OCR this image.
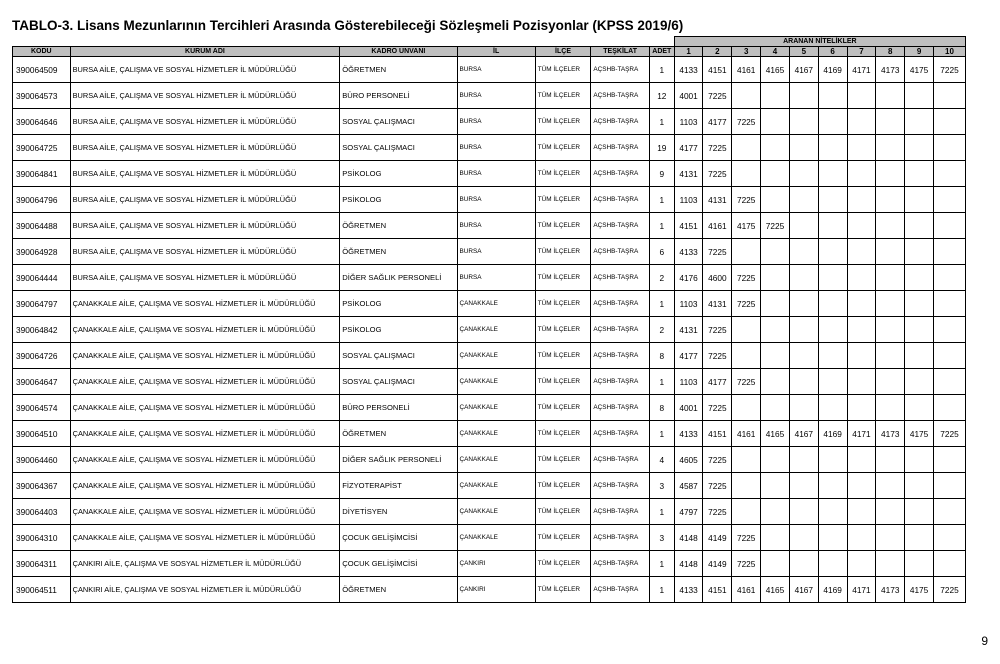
TABLO-3. Lisans Mezunlarının Tercihleri Arasında Gösterebileceği Sözleşmeli Pozisyonlar (KPSS 2019/6)
							ARANAN NİTELİKLER									
KODU	KURUM ADI	KADRO UNVANI	İL	İLÇE	TEŞKİLAT	ADET	1	2	3	4	5	6	7	8	9	10
390064509	BURSA AİLE, ÇALIŞMA VE SOSYAL HİZMETLER İL MÜDÜRLÜĞÜ	ÖĞRETMEN	BURSA	TÜM İLÇELER	AÇSHB-TAŞRA	1	4133	4151	4161	4165	4167	4169	4171	4173	4175	7225
390064573	BURSA AİLE, ÇALIŞMA VE SOSYAL HİZMETLER İL MÜDÜRLÜĞÜ	BÜRO PERSONELİ	BURSA	TÜM İLÇELER	AÇSHB-TAŞRA	12	4001	7225								
390064646	BURSA AİLE, ÇALIŞMA VE SOSYAL HİZMETLER İL MÜDÜRLÜĞÜ	SOSYAL ÇALIŞMACI	BURSA	TÜM İLÇELER	AÇSHB-TAŞRA	1	1103	4177	7225							
390064725	BURSA AİLE, ÇALIŞMA VE SOSYAL HİZMETLER İL MÜDÜRLÜĞÜ	SOSYAL ÇALIŞMACI	BURSA	TÜM İLÇELER	AÇSHB-TAŞRA	19	4177	7225								
390064841	BURSA AİLE, ÇALIŞMA VE SOSYAL HİZMETLER İL MÜDÜRLÜĞÜ	PSİKOLOG	BURSA	TÜM İLÇELER	AÇSHB-TAŞRA	9	4131	7225								
390064796	BURSA AİLE, ÇALIŞMA VE SOSYAL HİZMETLER İL MÜDÜRLÜĞÜ	PSİKOLOG	BURSA	TÜM İLÇELER	AÇSHB-TAŞRA	1	1103	4131	7225							
390064488	BURSA AİLE, ÇALIŞMA VE SOSYAL HİZMETLER İL MÜDÜRLÜĞÜ	ÖĞRETMEN	BURSA	TÜM İLÇELER	AÇSHB-TAŞRA	1	4151	4161	4175	7225						
390064928	BURSA AİLE, ÇALIŞMA VE SOSYAL HİZMETLER İL MÜDÜRLÜĞÜ	ÖĞRETMEN	BURSA	TÜM İLÇELER	AÇSHB-TAŞRA	6	4133	7225								
390064444	BURSA AİLE, ÇALIŞMA VE SOSYAL HİZMETLER İL MÜDÜRLÜĞÜ	DİĞER SAĞLIK PERSONELİ	BURSA	TÜM İLÇELER	AÇSHB-TAŞRA	2	4176	4600	7225							
390064797	ÇANAKKALE AİLE, ÇALIŞMA VE SOSYAL HİZMETLER İL MÜDÜRLÜĞÜ	PSİKOLOG	ÇANAKKALE	TÜM İLÇELER	AÇSHB-TAŞRA	1	1103	4131	7225							
390064842	ÇANAKKALE AİLE, ÇALIŞMA VE SOSYAL HİZMETLER İL MÜDÜRLÜĞÜ	PSİKOLOG	ÇANAKKALE	TÜM İLÇELER	AÇSHB-TAŞRA	2	4131	7225								
390064726	ÇANAKKALE AİLE, ÇALIŞMA VE SOSYAL HİZMETLER İL MÜDÜRLÜĞÜ	SOSYAL ÇALIŞMACI	ÇANAKKALE	TÜM İLÇELER	AÇSHB-TAŞRA	8	4177	7225								
390064647	ÇANAKKALE AİLE, ÇALIŞMA VE SOSYAL HİZMETLER İL MÜDÜRLÜĞÜ	SOSYAL ÇALIŞMACI	ÇANAKKALE	TÜM İLÇELER	AÇSHB-TAŞRA	1	1103	4177	7225							
390064574	ÇANAKKALE AİLE, ÇALIŞMA VE SOSYAL HİZMETLER İL MÜDÜRLÜĞÜ	BÜRO PERSONELİ	ÇANAKKALE	TÜM İLÇELER	AÇSHB-TAŞRA	8	4001	7225								
390064510	ÇANAKKALE AİLE, ÇALIŞMA VE SOSYAL HİZMETLER İL MÜDÜRLÜĞÜ	ÖĞRETMEN	ÇANAKKALE	TÜM İLÇELER	AÇSHB-TAŞRA	1	4133	4151	4161	4165	4167	4169	4171	4173	4175	7225
390064460	ÇANAKKALE AİLE, ÇALIŞMA VE SOSYAL HİZMETLER İL MÜDÜRLÜĞÜ	DİĞER SAĞLIK PERSONELİ	ÇANAKKALE	TÜM İLÇELER	AÇSHB-TAŞRA	4	4605	7225								
390064367	ÇANAKKALE AİLE, ÇALIŞMA VE SOSYAL HİZMETLER İL MÜDÜRLÜĞÜ	FİZYOTERAPİST	ÇANAKKALE	TÜM İLÇELER	AÇSHB-TAŞRA	3	4587	7225								
390064403	ÇANAKKALE AİLE, ÇALIŞMA VE SOSYAL HİZMETLER İL MÜDÜRLÜĞÜ	DİYETİSYEN	ÇANAKKALE	TÜM İLÇELER	AÇSHB-TAŞRA	1	4797	7225								
390064310	ÇANAKKALE AİLE, ÇALIŞMA VE SOSYAL HİZMETLER İL MÜDÜRLÜĞÜ	ÇOCUK GELİŞİMCİSİ	ÇANAKKALE	TÜM İLÇELER	AÇSHB-TAŞRA	3	4148	4149	7225							
390064311	ÇANKIRI AİLE, ÇALIŞMA VE SOSYAL HİZMETLER İL MÜDÜRLÜĞÜ	ÇOCUK GELİŞİMCİSİ	ÇANKIRI	TÜM İLÇELER	AÇSHB-TAŞRA	1	4148	4149	7225							
390064511	ÇANKIRI AİLE, ÇALIŞMA VE SOSYAL HİZMETLER İL MÜDÜRLÜĞÜ	ÖĞRETMEN	ÇANKIRI	TÜM İLÇELER	AÇSHB-TAŞRA	1	4133	4151	4161	4165	4167	4169	4171	4173	4175	7225
9
